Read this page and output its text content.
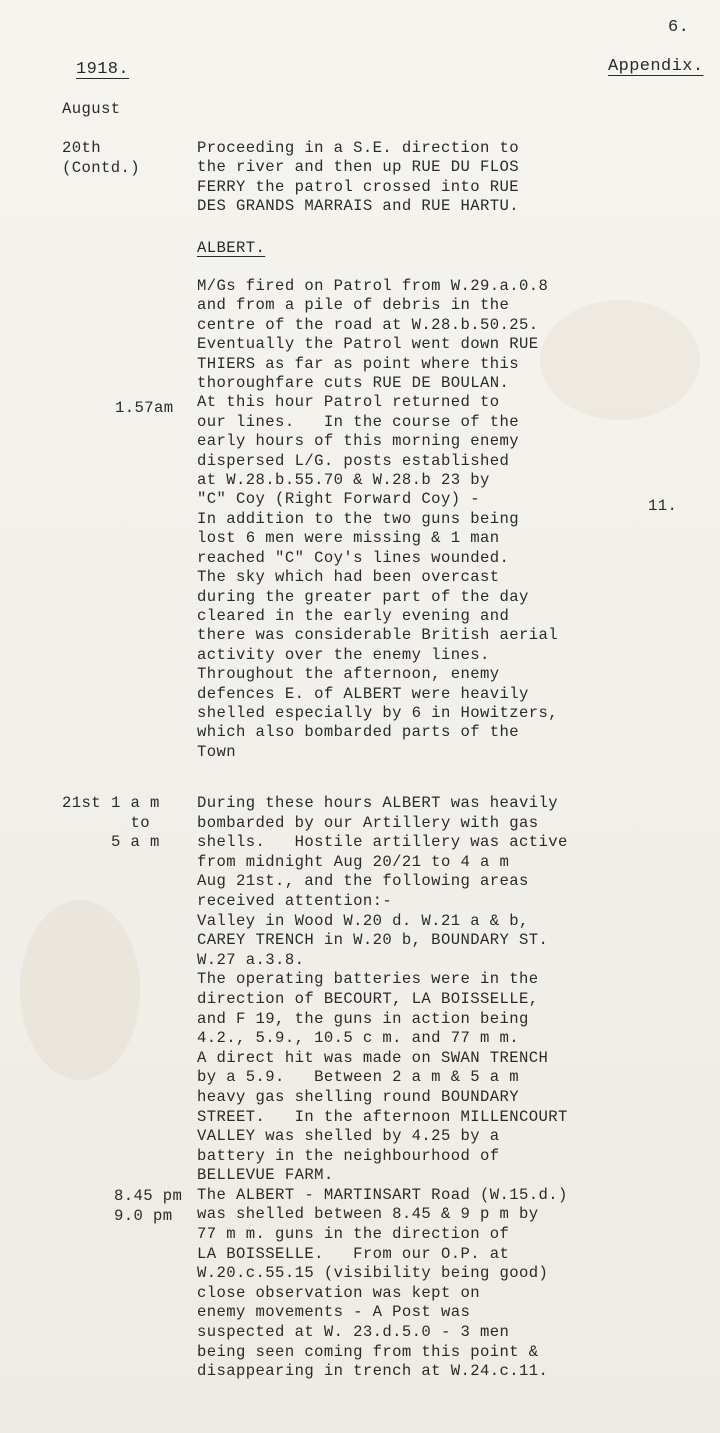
6.
1918.	Appendix.
August
20th
(Contd.)
Proceeding in a S.E. direction to
the river and then up RUE DU FLOS
FERRY the patrol crossed into RUE
DES GRANDS MARRAIS and RUE HARTU.
ALBERT.
M/Gs fired on Patrol from W.29.a.0.8
and from a pile of debris in the
centre of the road at W.28.b.50.25.
Eventually the Patrol went down RUE
THIERS as far as point where this
thoroughfare cuts RUE DE BOULAN.
At this hour Patrol returned to
our lines.   In the course of the
early hours of this morning enemy
dispersed L/G. posts established
at W.28.b.55.70 & W.28.b 23 by
"C" Coy (Right Forward Coy) -
In addition to the two guns being
lost 6 men were missing & 1 man
reached "C" Coy's lines wounded.
The sky which had been overcast
during the greater part of the day
cleared in the early evening and
there was considerable British aerial
activity over the enemy lines.
Throughout the afternoon, enemy
defences E. of ALBERT were heavily
shelled especially by 6 in Howitzers,
which also bombarded parts of the
Town
1.57am
11.
21st 1 a m
to
5 a m
8.45 pm
9.0 pm
During these hours ALBERT was heavily
bombarded by our Artillery with gas
shells.   Hostile artillery was active
from midnight Aug 20/21 to 4 a m
Aug 21st., and the following areas
received attention:-
Valley in Wood W.20 d. W.21 a & b,
CAREY TRENCH in W.20 b, BOUNDARY ST.
W.27 a.3.8.
The operating batteries were in the
direction of BECOURT, LA BOISSELLE,
and F 19, the guns in action being
4.2., 5.9., 10.5 c m. and 77 m m.
A direct hit was made on SWAN TRENCH
by a 5.9.   Between 2 a m & 5 a m
heavy gas shelling round BOUNDARY
STREET.   In the afternoon MILLENCOURT
VALLEY was shelled by 4.25 by a
battery in the neighbourhood of
BELLEVUE FARM.
The ALBERT - MARTINSART Road (W.15.d.)
was shelled between 8.45 & 9 p m by
77 m m. guns in the direction of
LA BOISSELLE.   From our O.P. at
W.20.c.55.15 (visibility being good)
close observation was kept on
enemy movements - A Post was
suspected at W. 23.d.5.0 - 3 men
being seen coming from this point &
disappearing in trench at W.24.c.11.
